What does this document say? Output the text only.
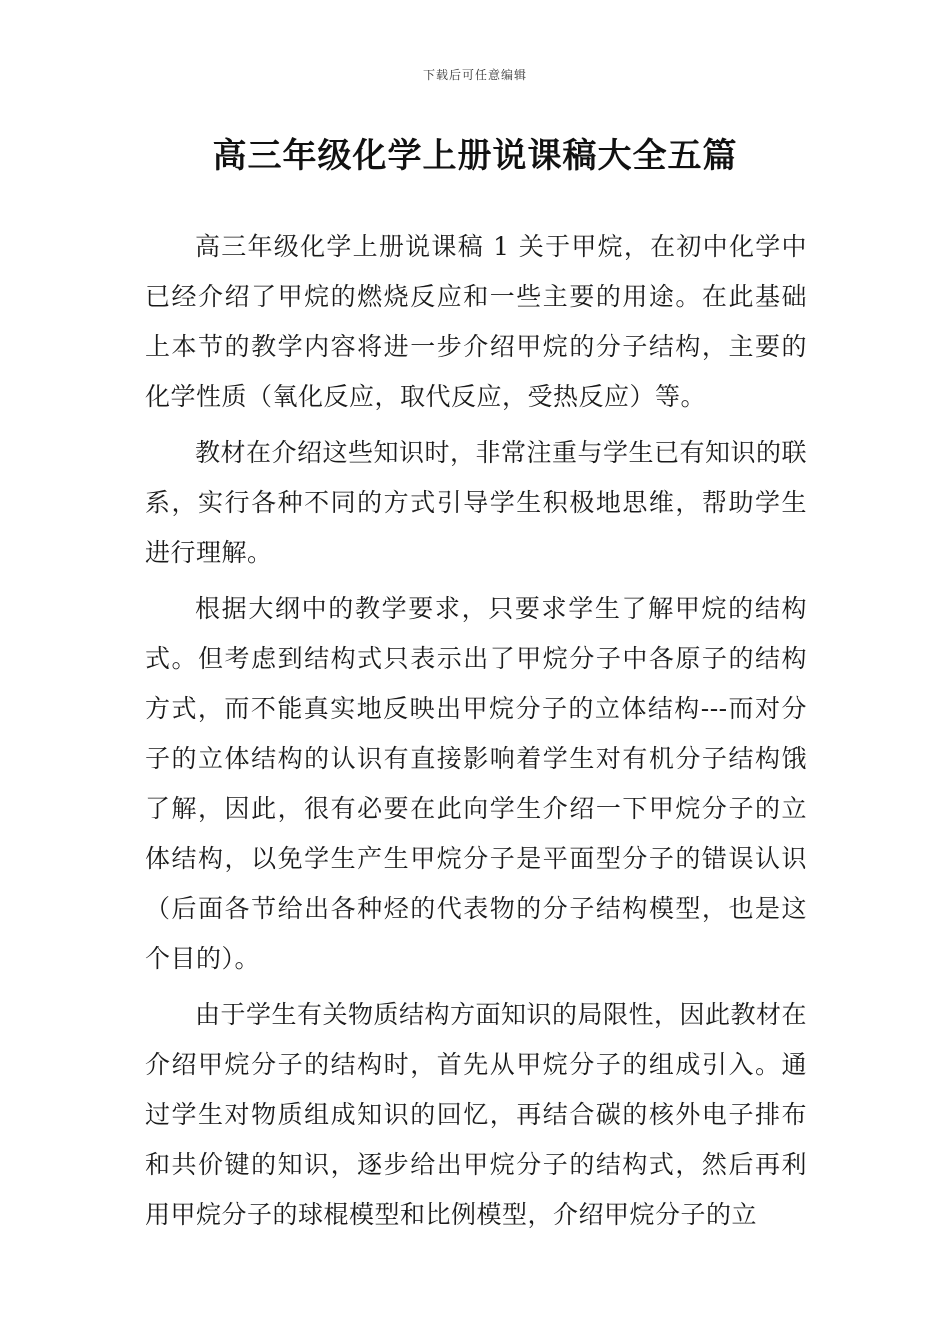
下载后可任意编辑
高三年级化学上册说课稿大全五篇

高三年级化学上册说课稿 1 关于甲烷，在初中化学中已经介绍了甲烷的燃烧反应和一些主要的用途。在此基础上本节的教学内容将进一步介绍甲烷的分子结构，主要的化学性质（氧化反应，取代反应，受热反应）等。

教材在介绍这些知识时，非常注重与学生已有知识的联系，实行各种不同的方式引导学生积极地思维，帮助学生进行理解。

根据大纲中的教学要求，只要求学生了解甲烷的结构式。但考虑到结构式只表示出了甲烷分子中各原子的结构方式，而不能真实地反映出甲烷分子的立体结构---而对分子的立体结构的认识有直接影响着学生对有机分子结构饿了解，因此，很有必要在此向学生介绍一下甲烷分子的立体结构，以免学生产生甲烷分子是平面型分子的错误认识（后面各节给出各种烃的代表物的分子结构模型，也是这个目的）。

由于学生有关物质结构方面知识的局限性，因此教材在介绍甲烷分子的结构时，首先从甲烷分子的组成引入。通过学生对物质组成知识的回忆，再结合碳的核外电子排布和共价键的知识，逐步给出甲烷分子的结构式，然后再利用甲烷分子的球棍模型和比例模型，介绍甲烷分子的立
